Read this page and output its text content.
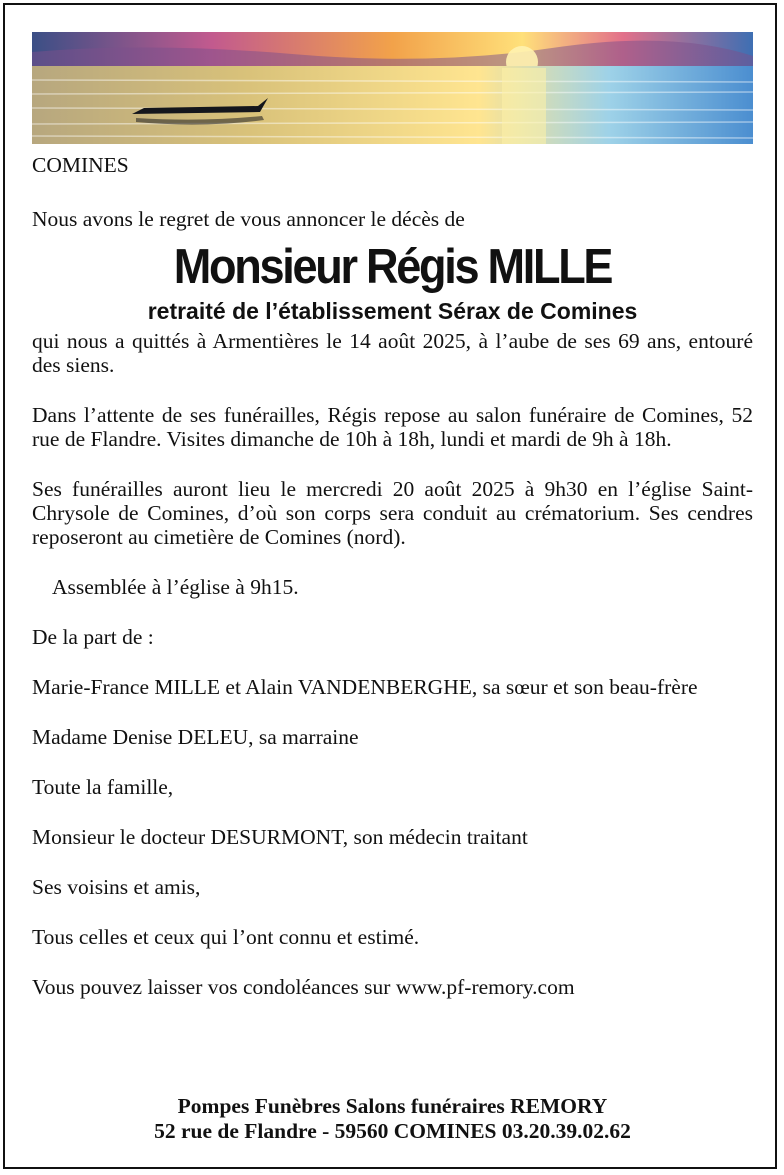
COMINES

Nous avons le regret de vous annoncer le décès de

Monsieur Régis MILLE

retraité de l’établissement Sérax de Comines

qui nous a quittés à Armentières le 14 août 2025, à l’aube de ses 69 ans, entouré des siens.

Dans l’attente de ses funérailles, Régis repose au salon funéraire de Comines, 52 rue de Flandre. Visites dimanche de 10h à 18h, lundi et mardi de 9h à 18h.

Ses funérailles auront lieu le mercredi 20 août 2025 à 9h30 en l’église Saint-Chrysole de Comines, d’où son corps sera conduit au crématorium. Ses cendres reposeront au cimetière de Comines (nord).

Assemblée à l’église à 9h15.

De la part de :

Marie-France MILLE et Alain VANDENBERGHE, sa sœur et son beau-frère

Madame Denise DELEU, sa marraine

Toute la famille,

Monsieur le docteur DESURMONT, son médecin traitant

Ses voisins et amis,

Tous celles et ceux qui l’ont connu et estimé.

Vous pouvez laisser vos condoléances sur www.pf-remory.com

Pompes Funèbres Salons funéraires REMORY
52 rue de Flandre - 59560 COMINES 03.20.39.02.62
